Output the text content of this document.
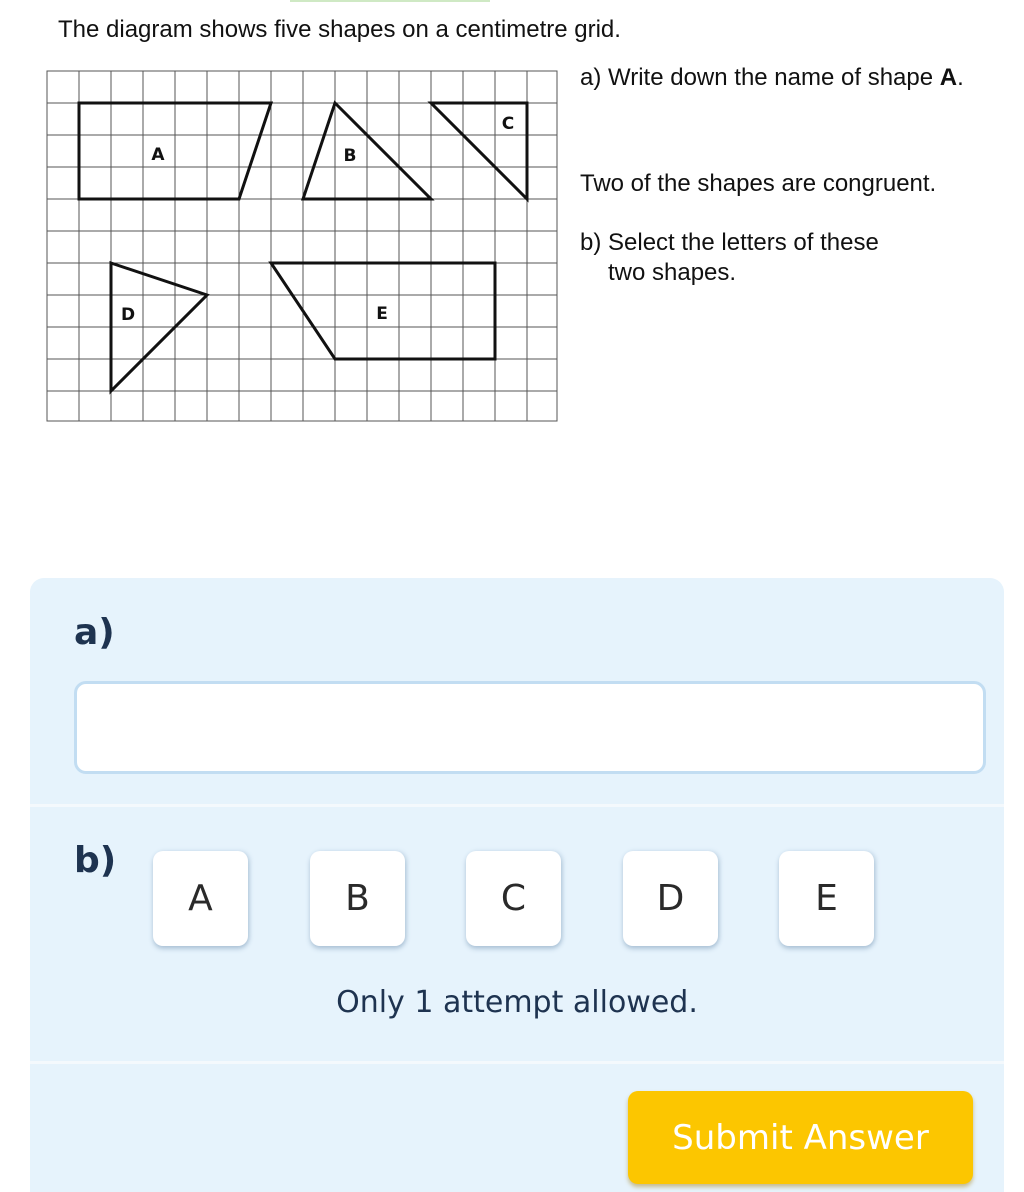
The diagram shows five shapes on a centimetre grid.
A	B
C
D	E
a) Write down the name of shape A.
Two of the shapes are congruent.
b) Select the letters of these
two shapes.
a)
b)
A	B	C	D	E
Only 1 attempt allowed.
Submit Answer
